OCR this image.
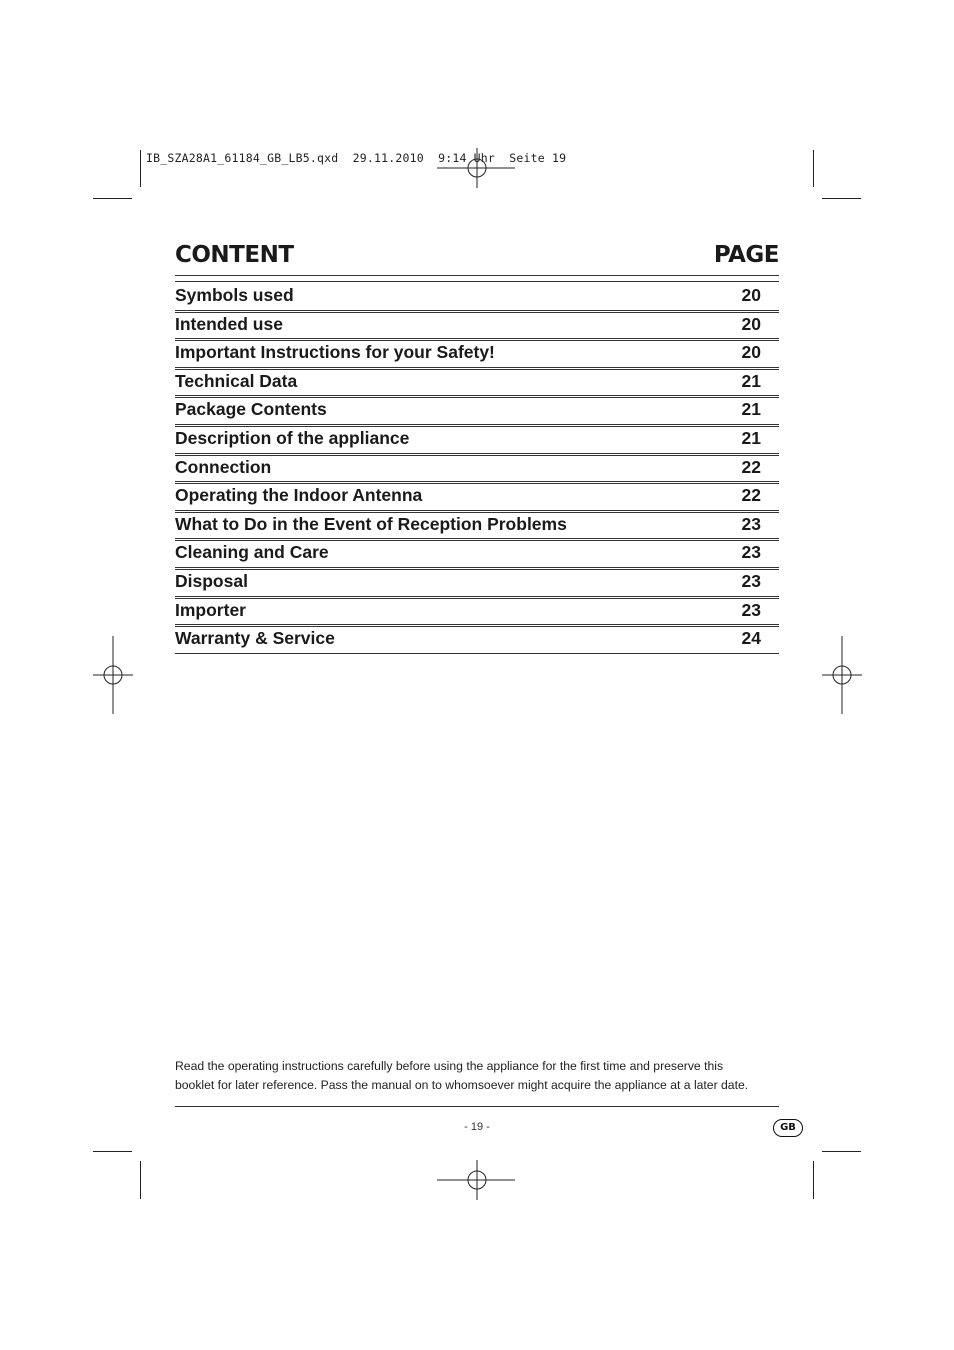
IB_SZA28A1_61184_GB_LB5.qxd  29.11.2010  9:14 Uhr  Seite 19
CONTENT	PAGE
Symbols used	20
Intended use	20
Important Instructions for your Safety!	20
Technical Data	21
Package Contents	21
Description of the appliance	21
Connection	22
Operating the Indoor Antenna	22
What to Do in the Event of Reception Problems	23
Cleaning and Care	23
Disposal	23
Importer	23
Warranty & Service	24
Read the operating instructions carefully before using the appliance for the first time and preserve this
booklet for later reference. Pass the manual on to whomsoever might acquire the appliance at a later date.
- 19 -	GB
